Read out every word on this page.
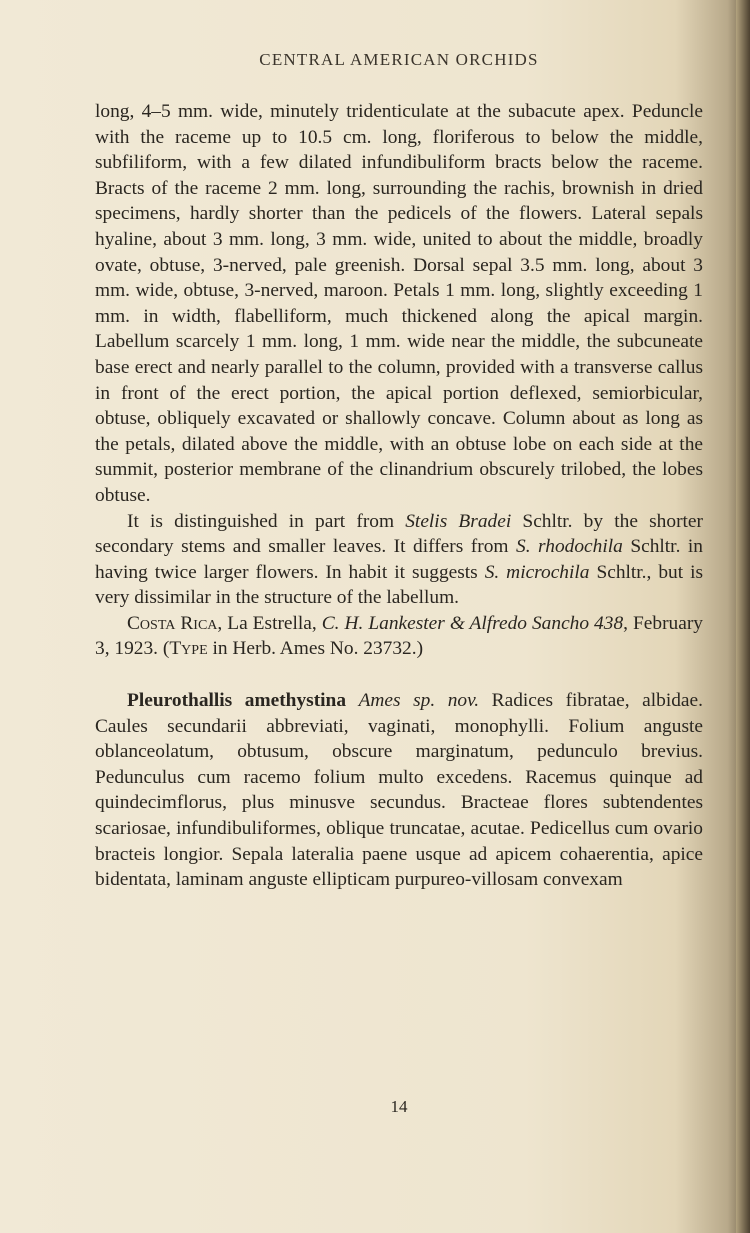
CENTRAL AMERICAN ORCHIDS

long, 4–5 mm. wide, minutely tridenticulate at the subacute apex. Peduncle with the raceme up to 10.5 cm. long, floriferous to below the middle, subfiliform, with a few dilated infundibuliform bracts below the raceme. Bracts of the raceme 2 mm. long, surrounding the rachis, brownish in dried specimens, hardly shorter than the pedicels of the flowers. Lateral sepals hyaline, about 3 mm. long, 3 mm. wide, united to about the middle, broadly ovate, obtuse, 3-nerved, pale greenish. Dorsal sepal 3.5 mm. long, about 3 mm. wide, obtuse, 3-nerved, maroon. Petals 1 mm. long, slightly exceeding 1 mm. in width, flabelliform, much thickened along the apical margin. Labellum scarcely 1 mm. long, 1 mm. wide near the middle, the subcuneate base erect and nearly parallel to the column, provided with a transverse callus in front of the erect portion, the apical portion deflexed, semiorbicular, obtuse, obliquely excavated or shallowly concave. Column about as long as the petals, dilated above the middle, with an obtuse lobe on each side at the summit, posterior membrane of the clinandrium obscurely trilobed, the lobes obtuse.

It is distinguished in part from Stelis Bradei Schltr. by the shorter secondary stems and smaller leaves. It differs from S. rhodochila Schltr. in having twice larger flowers. In habit it suggests S. microchila Schltr., but is very dissimilar in the structure of the labellum.

Costa Rica, La Estrella, C. H. Lankester & Alfredo Sancho 438, February 3, 1923. (Type in Herb. Ames No. 23732.)

Pleurothallis amethystina Ames sp. nov. Radices fibratae, albidae. Caules secundarii abbreviati, vaginati, monophylli. Folium anguste oblanceolatum, obtusum, obscure marginatum, pedunculo brevius. Pedunculus cum racemo folium multo excedens. Racemus quinque ad quindecimflorus, plus minusve secundus. Bracteae flores subtendentes scariosae, infundibuliformes, oblique truncatae, acutae. Pedicellus cum ovario bracteis longior. Sepala lateralia paene usque ad apicem cohaerentia, apice bidentata, laminam anguste ellipticam purpureo-villosam convexam

14
